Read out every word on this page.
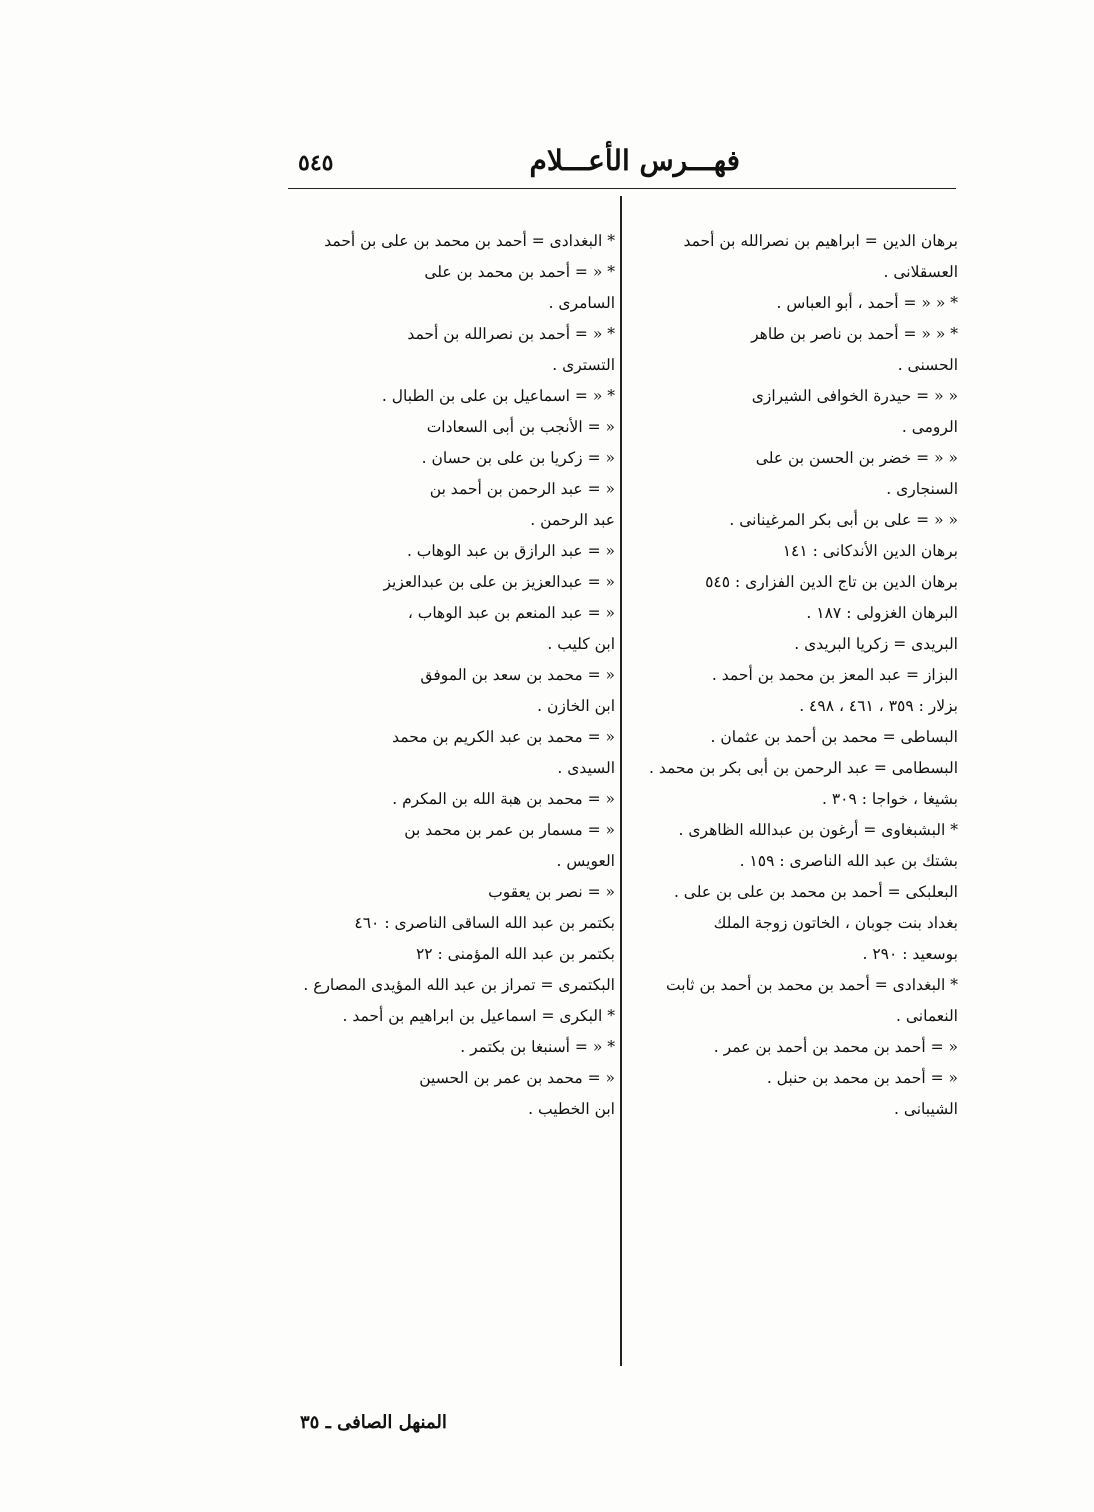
٥٤٥	فهـــرس الأعـــلام
برهان الدين = ابراهيم بن نصرالله بن أحمد
العسقلانى .
* « « = أحمد ، أبو العباس .
* « « = أحمد بن ناصر بن طاهر
الحسنى .
« « = حيدرة الخوافى الشيرازى
الرومى .
« « = خضر بن الحسن بن على
السنجارى .
« « = على بن أبى بكر المرغينانى .
برهان الدين الأندكانى : ١٤١
برهان الدين بن تاج الدين الفزارى : ٥٤٥
البرهان الغزولى : ١٨٧ .
البريدى = زكريا البريدى .
البزاز = عبد المعز بن محمد بن أحمد .
بزلار : ٣٥٩ ، ٤٦١ ، ٤٩٨ .
البساطى = محمد بن أحمد بن عثمان .
البسطامى = عبد الرحمن بن أبى بكر بن محمد .
بشيغا ، خواجا : ٣٠٩ .
* البشبغاوى = أرغون بن عبدالله الظاهرى .
بشتك بن عبد الله الناصرى : ١٥٩ .
البعلبكى = أحمد بن محمد بن على بن على .
بغداد بنت جوبان ، الخاتون زوجة الملك
بوسعيد : ٢٩٠ .
* البغدادى = أحمد بن محمد بن أحمد بن ثابت
النعمانى .
« = أحمد بن محمد بن أحمد بن عمر .
« = أحمد بن محمد بن حنبل .
الشيبانى .
* البغدادى = أحمد بن محمد بن على بن أحمد
* « = أحمد بن محمد بن على
السامرى .
* « = أحمد بن نصرالله بن أحمد
التسترى .
* « = اسماعيل بن على بن الطبال .
« = الأنجب بن أبى السعادات
« = زكريا بن على بن حسان .
« = عبد الرحمن بن أحمد بن
عبد الرحمن .
« = عبد الرازق بن عبد الوهاب .
« = عبدالعزيز بن على بن عبدالعزيز
« = عبد المنعم بن عبد الوهاب ،
ابن كليب .
« = محمد بن سعد بن الموفق
ابن الخازن .
« = محمد بن عبد الكريم بن محمد
السيدى .
« = محمد بن هبة الله بن المكرم .
« = مسمار بن عمر بن محمد بن
العويس .
« = نصر بن يعقوب
بكتمر بن عبد الله الساقى الناصرى : ٤٦٠
بكتمر بن عبد الله المؤمنى : ٢٢
البكتمرى = تمراز بن عبد الله المؤيدى المصارع .
* البكرى = اسماعيل بن ابراهيم بن أحمد .
* « = أسنبغا بن بكتمر .
« = محمد بن عمر بن الحسين
ابن الخطيب .
المنهل الصافى ـ ٣٥
